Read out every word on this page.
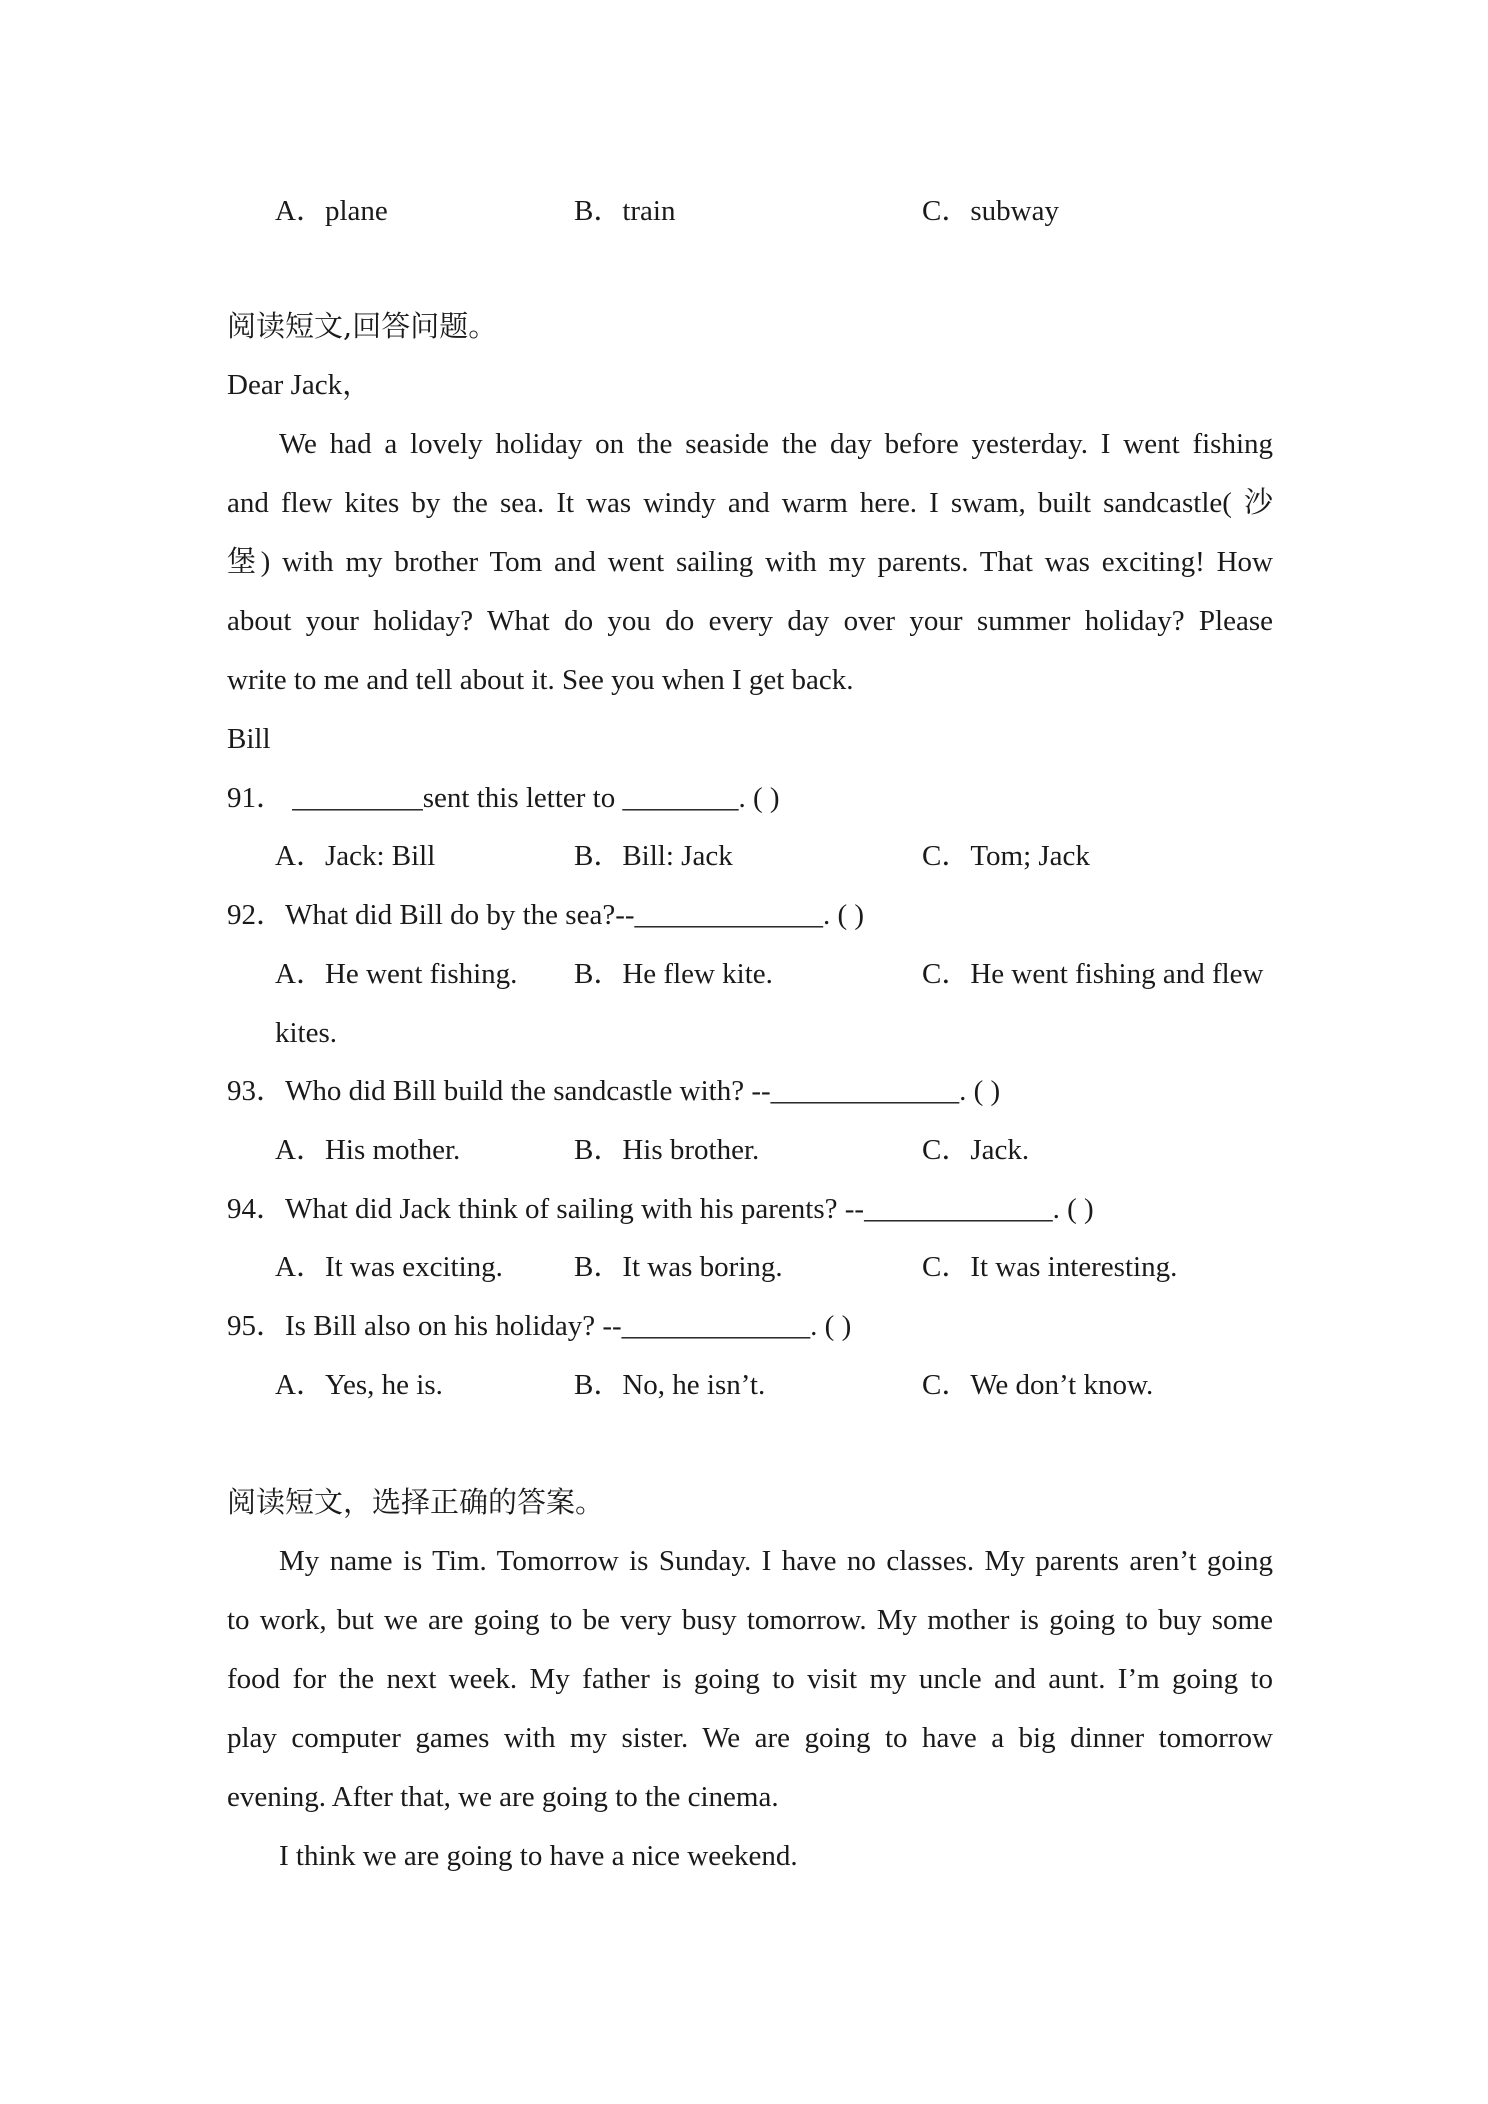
A．plane	B．train	C．subway
阅读短文,回答问题。
Dear Jack，
We had a lovely holiday on the seaside the day before yesterday. I went fishing
and flew kites by the sea. It was windy and warm here. I swam, built sandcastle( 沙
堡) with my brother Tom and went sailing with my parents. That was exciting! How
about your holiday? What do you do every day over your summer holiday? Please
write to me and tell about it. See you when I get back.
Bill
91． _________sent this letter to ________. ( )
A．Jack: Bill	B．Bill: Jack	C．Tom; Jack
92．What did Bill do by the sea?--_____________. ( )
A．He went fishing. B．He flew kite.	C．He went fishing and flew
kites.
93．Who did Bill build the sandcastle with? --_____________. ( )
A．His mother.	B．His brother.	C．Jack.
94．What did Jack think of sailing with his parents? --_____________. ( )
A．It was exciting. B．It was boring.	C．It was interesting.
95．Is Bill also on his holiday? --_____________. ( )
A．Yes, he is.	B．No, he isn’t.	C．We don’t know.
阅读短文，选择正确的答案。
My name is Tim. Tomorrow is Sunday. I have no classes. My parents aren’t going
to work, but we are going to be very busy tomorrow. My mother is going to buy some
food for the next week. My father is going to visit my uncle and aunt. I’m going to
play computer games with my sister. We are going to have a big dinner tomorrow
evening. After that, we are going to the cinema.
I think we are going to have a nice weekend.
